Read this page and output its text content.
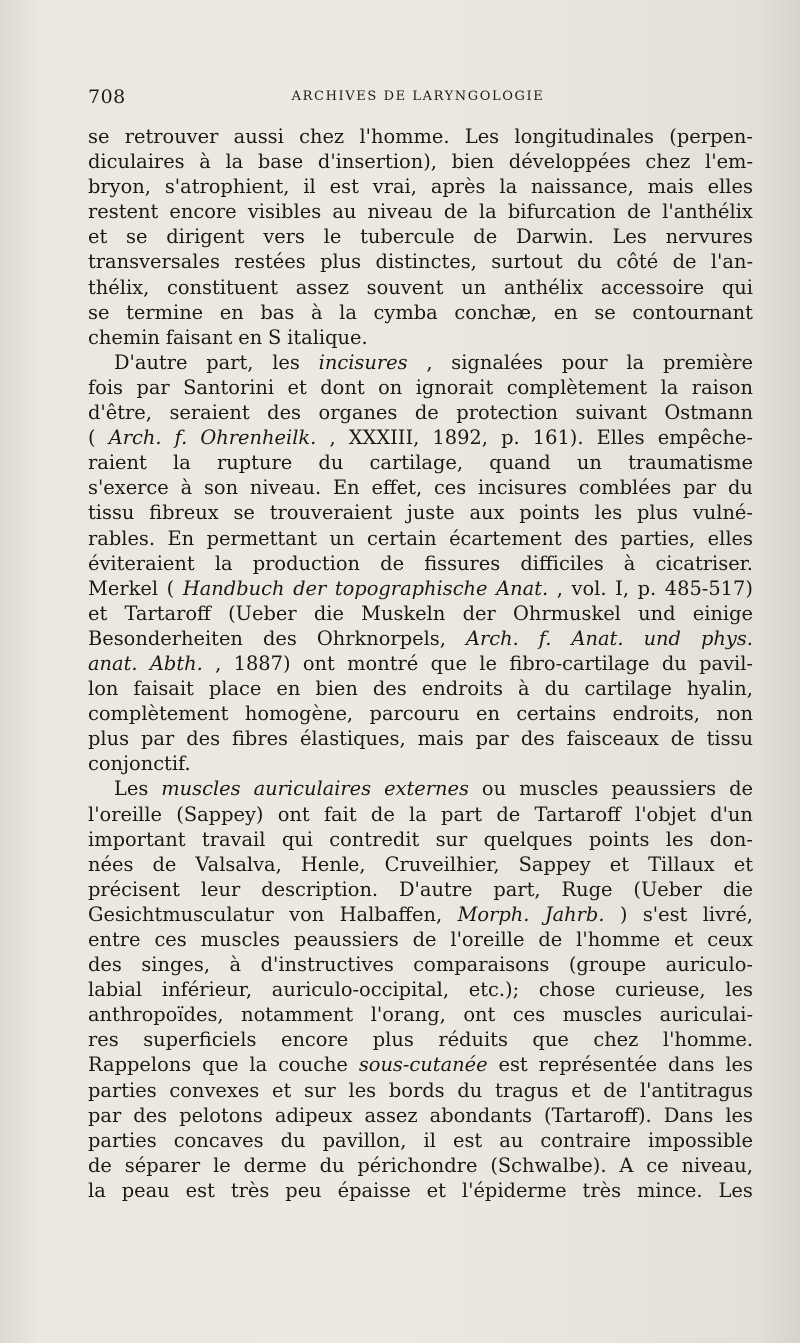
708	ARCHIVES DE LARYNGOLOGIE
se retrouver aussi chez l'homme. Les longitudinales (perpen-
diculaires à la base d'insertion), bien développées chez l'em-
bryon, s'atrophient, il est vrai, après la naissance, mais elles
restent encore visibles au niveau de la bifurcation de l'anthélix
et se dirigent vers le tubercule de Darwin. Les nervures
transversales restées plus distinctes, surtout du côté de l'an-
thélix, constituent assez souvent un anthélix accessoire qui
se termine en bas à la cymba conchæ, en se contournant
chemin faisant en S italique.
D'autre part, les incisures , signalées pour la première
fois par Santorini et dont on ignorait complètement la raison
d'être, seraient des organes de protection suivant Ostmann
( Arch. f. Ohrenheilk. , XXXIII, 1892, p. 161). Elles empêche-
raient la rupture du cartilage, quand un traumatisme
s'exerce à son niveau. En effet, ces incisures comblées par du
tissu fibreux se trouveraient juste aux points les plus vulné-
rables. En permettant un certain écartement des parties, elles
éviteraient la production de fissures difficiles à cicatriser.
Merkel ( Handbuch der topographische Anat. , vol. I, p. 485-517)
et Tartaroff (Ueber die Muskeln der Ohrmuskel und einige
Besonderheiten des Ohrknorpels, Arch. f. Anat. und phys.
anat. Abth. , 1887) ont montré que le fibro-cartilage du pavil-
lon faisait place en bien des endroits à du cartilage hyalin,
complètement homogène, parcouru en certains endroits, non
plus par des fibres élastiques, mais par des faisceaux de tissu
conjonctif.
Les muscles auriculaires externes ou muscles peaussiers de
l'oreille (Sappey) ont fait de la part de Tartaroff l'objet d'un
important travail qui contredit sur quelques points les don-
nées de Valsalva, Henle, Cruveilhier, Sappey et Tillaux et
précisent leur description. D'autre part, Ruge (Ueber die
Gesichtmusculatur von Halbaffen, Morph. Jahrb. ) s'est livré,
entre ces muscles peaussiers de l'oreille de l'homme et ceux
des singes, à d'instructives comparaisons (groupe auriculo-
labial inférieur, auriculo-occipital, etc.); chose curieuse, les
anthropoïdes, notamment l'orang, ont ces muscles auriculai-
res superficiels encore plus réduits que chez l'homme.
Rappelons que la couche sous-cutanée est représentée dans les
parties convexes et sur les bords du tragus et de l'antitragus
par des pelotons adipeux assez abondants (Tartaroff). Dans les
parties concaves du pavillon, il est au contraire impossible
de séparer le derme du périchondre (Schwalbe). A ce niveau,
la peau est très peu épaisse et l'épiderme très mince. Les
